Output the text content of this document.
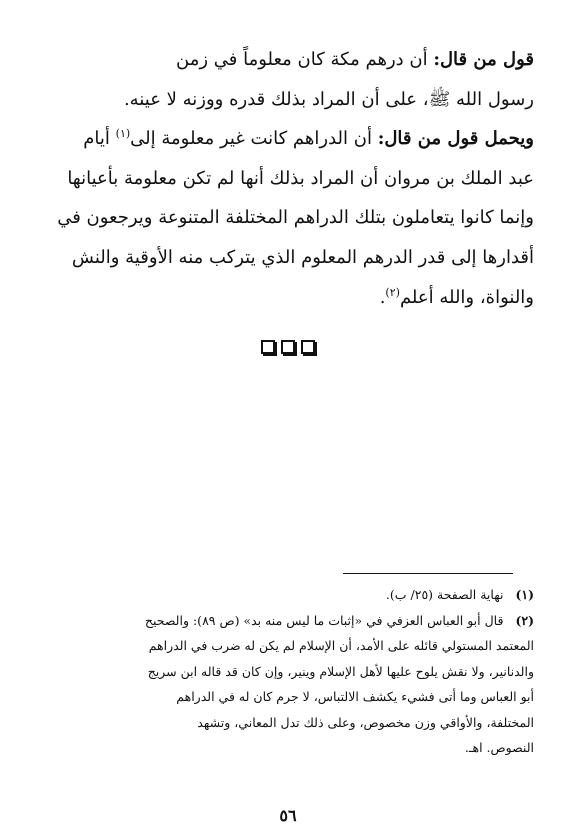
قول من قال: أن درهم مكة كان معلوماً في زمن
رسول الله ﷺ، على أن المراد بذلك قدره ووزنه لا عينه.
ويحمل قول من قال: أن الدراهم كانت غير معلومة إلى$^{(١)}$ أيام
عبد الملك بن مروان أن المراد بذلك أنها لم تكن معلومة بأعيانها
وإنما كانوا يتعاملون بتلك الدراهم المختلفة المتنوعة ويرجعون في
أقدارها إلى قدر الدرهم المعلوم الذي يتركب منه الأوقية والنش
والنواة، والله أعلم$^{(٢)}$.
(١) نهاية الصفحة (٢٥/ ب).
(٢) قال أبو العباس العزفي في «إثبات ما ليس منه بد» (ص ٨٩): والصحيح
المعتمد المستولي قائله على الأمد، أن الإسلام لم يكن له ضرب في الدراهم
والدنانير، ولا نقش يلوح عليها لأهل الإسلام وينير، وإن كان قد قاله ابن سريج
أبو العباس وما أتى فشيء يكشف الالتباس، لا جرم كان له في الدراهم
المختلفة، والأواقي وزن مخصوص، وعلى ذلك تدل المعاني، وتشهد
النصوص. اهـ.
٥٦
